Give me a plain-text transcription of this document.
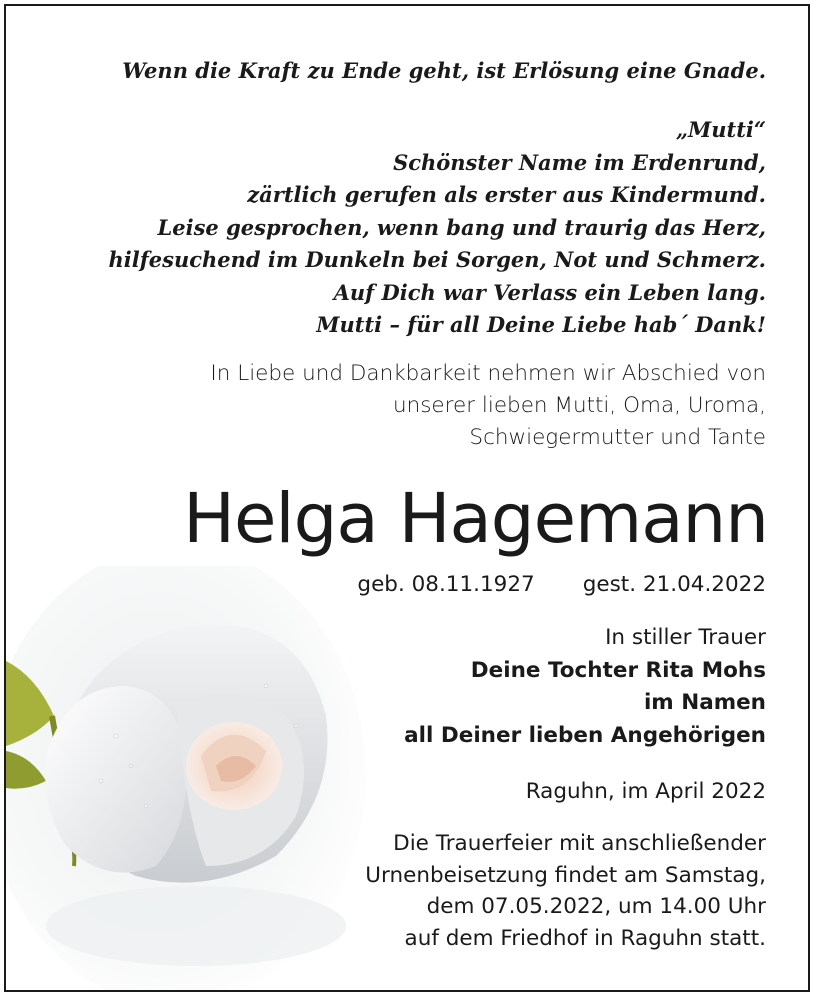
Wenn die Kraft zu Ende geht, ist Erlösung eine Gnade.
„Mutti“
Schönster Name im Erdenrund,
zärtlich gerufen als erster aus Kindermund.
Leise gesprochen, wenn bang und traurig das Herz,
hilfesuchend im Dunkeln bei Sorgen, Not und Schmerz.
Auf Dich war Verlass ein Leben lang.
Mutti – für all Deine Liebe hab´ Dank!
In Liebe und Dankbarkeit nehmen wir Abschied von
unserer lieben Mutti, Oma, Uroma,
Schwiegermutter und Tante
Helga Hagemann
geb. 08.11.1927 gest. 21.04.2022
In stiller Trauer
Deine Tochter Rita Mohs
im Namen
all Deiner lieben Angehörigen
Raguhn, im April 2022
Die Trauerfeier mit anschließender
Urnenbeisetzung findet am Samstag,
dem 07.05.2022, um 14.00 Uhr
auf dem Friedhof in Raguhn statt.
